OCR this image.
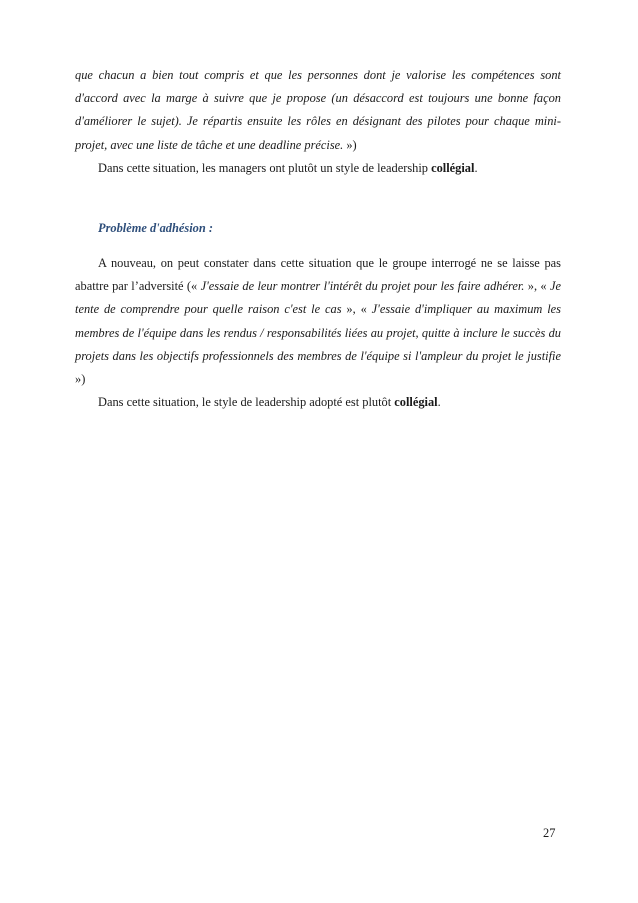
que chacun a bien tout compris et que les personnes dont je valorise les compétences sont d'accord avec la marge à suivre que je propose (un désaccord est toujours une bonne façon d'améliorer le sujet). Je répartis ensuite les rôles en désignant des pilotes pour chaque mini-projet, avec une liste de tâche et une deadline précise. »)

Dans cette situation, les managers ont plutôt un style de leadership collégial.

Problème d'adhésion :

A nouveau, on peut constater dans cette situation que le groupe interrogé ne se laisse pas abattre par l’adversité (« J'essaie de leur montrer l'intérêt du projet pour les faire adhérer. », « Je tente de comprendre pour quelle raison c'est le cas », « J'essaie d'impliquer au maximum les membres de l'équipe dans les rendus / responsabilités liées au projet, quitte à inclure le succès du projets dans les objectifs professionnels des membres de l'équipe si l'ampleur du projet le justifie »)

Dans cette situation, le style de leadership adopté est plutôt collégial.

27
